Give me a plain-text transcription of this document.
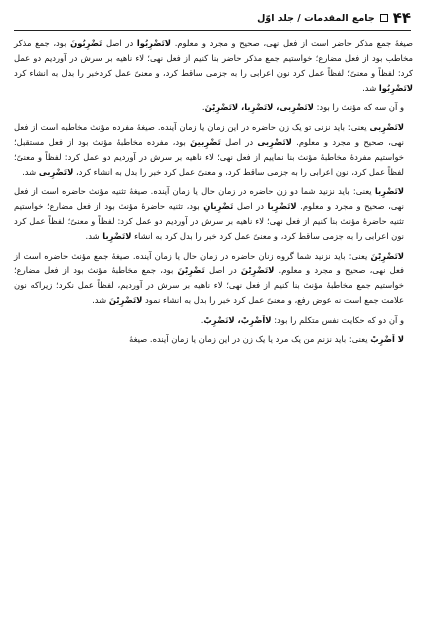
۴۴
جامع المقدمات / جلد اوّل

صیغۀ جمع مذکر حاضر است از فعل نهی، صحیح و مجرد و معلوم. لاتَضْرِبُوا در اصل تَضْرِبُونَ بود، جمع مذکر مخاطب بود از فعل مضارع؛ خواستیم جمع مذکر حاضر بنا کنیم از فعل نهی؛ لاء ناهیه بر سرش در آوردیم دو عمل کرد: لفظاً و معنیً؛ لفظاً عمل کرد نون اعرابی را به جزمی ساقط کرد، و معنیً عمل کردخبر را بدل به انشاء کرد لاتَضْرِبُوا شد.

و آن سه که مؤنث را بود: لاتَضْرِبی، لاتَضْرِبا، لاتَضْرِبْنَ.

لاتَضْرِبی یعنی: باید نزنی تو یک زن حاضره در این زمان یا زمان آینده. صیغۀ مفرده مؤنث مخاطبه است از فعل نهی، صحیح و مجرد و معلوم. لاتَضْرِبی در اصل تَضْرِبینَ بود، مفرده مخاطبۀ مؤنث بود از فعل مستقبل؛ خواستیم مفردۀ مخاطبۀ مؤنث بنا نماییم از فعل نهی؛ لاء ناهیه بر سرش در آوردیم دو عمل کرد: لفظاً و معنیً؛ لفظاً عمل کرد، نون اعرابی را به جزمی ساقط کرد، و معنیً عمل کرد خبر را بدل به انشاء کرد، لاتَضْرِبی شد.

لاتَضْرِبا یعنی: باید نزنید شما دو زن حاضره در زمان حال یا زمان آینده. صیغۀ تثنیه مؤنث حاضره است از فعل نهی، صحیح و مجرد و معلوم. لاتَضْرِبا در اصل تَضْرِبانِ بود، تثنیه حاضرۀ مؤنث بود از فعل مضارع؛ خواستیم تثنیه حاضرۀ مؤنث بنا کنیم از فعل نهی؛ لاء ناهیه بر سرش در آوردیم دو عمل کرد: لفظاً و معنیً؛ لفظاً عمل کرد نون اعرابی را به جزمی ساقط کرد، و معنیً عمل کرد خبر را بدل کرد به انشاء لاتَضْرِبا شد.

لاتَضْرِبْنَ یعنی: باید نزنید شما گروه زنان حاضره در زمان حال یا زمان آینده. صیغۀ جمع مؤنث حاضره است از فعل نهی، صحیح و مجرد و معلوم. لاتَضْرِبْنَ در اصل تَضْرِبْنَ بود، جمع مخاطبۀ مؤنث بود از فعل مضارع؛ خواستیم جمع مخاطبۀ مؤنث بنا کنیم از فعل نهی؛ لاء ناهیه بر سرش در آوردیم، لفظاً عمل نکرد؛ زیراکه نون علامت جمع است نه عوض رفع، و معنیً عمل کرد خبر را بدل به انشاء نمود لاتَضْرِبْنَ شد.

و آن دو که حکایت نفس متکلم را بود: لااَضْرِبْ، لانَضْرِبْ.

لا اَضْرِبْ یعنی: باید نزنم من یک مرد یا یک زن در این زمان یا زمان آینده. صیغۀ
